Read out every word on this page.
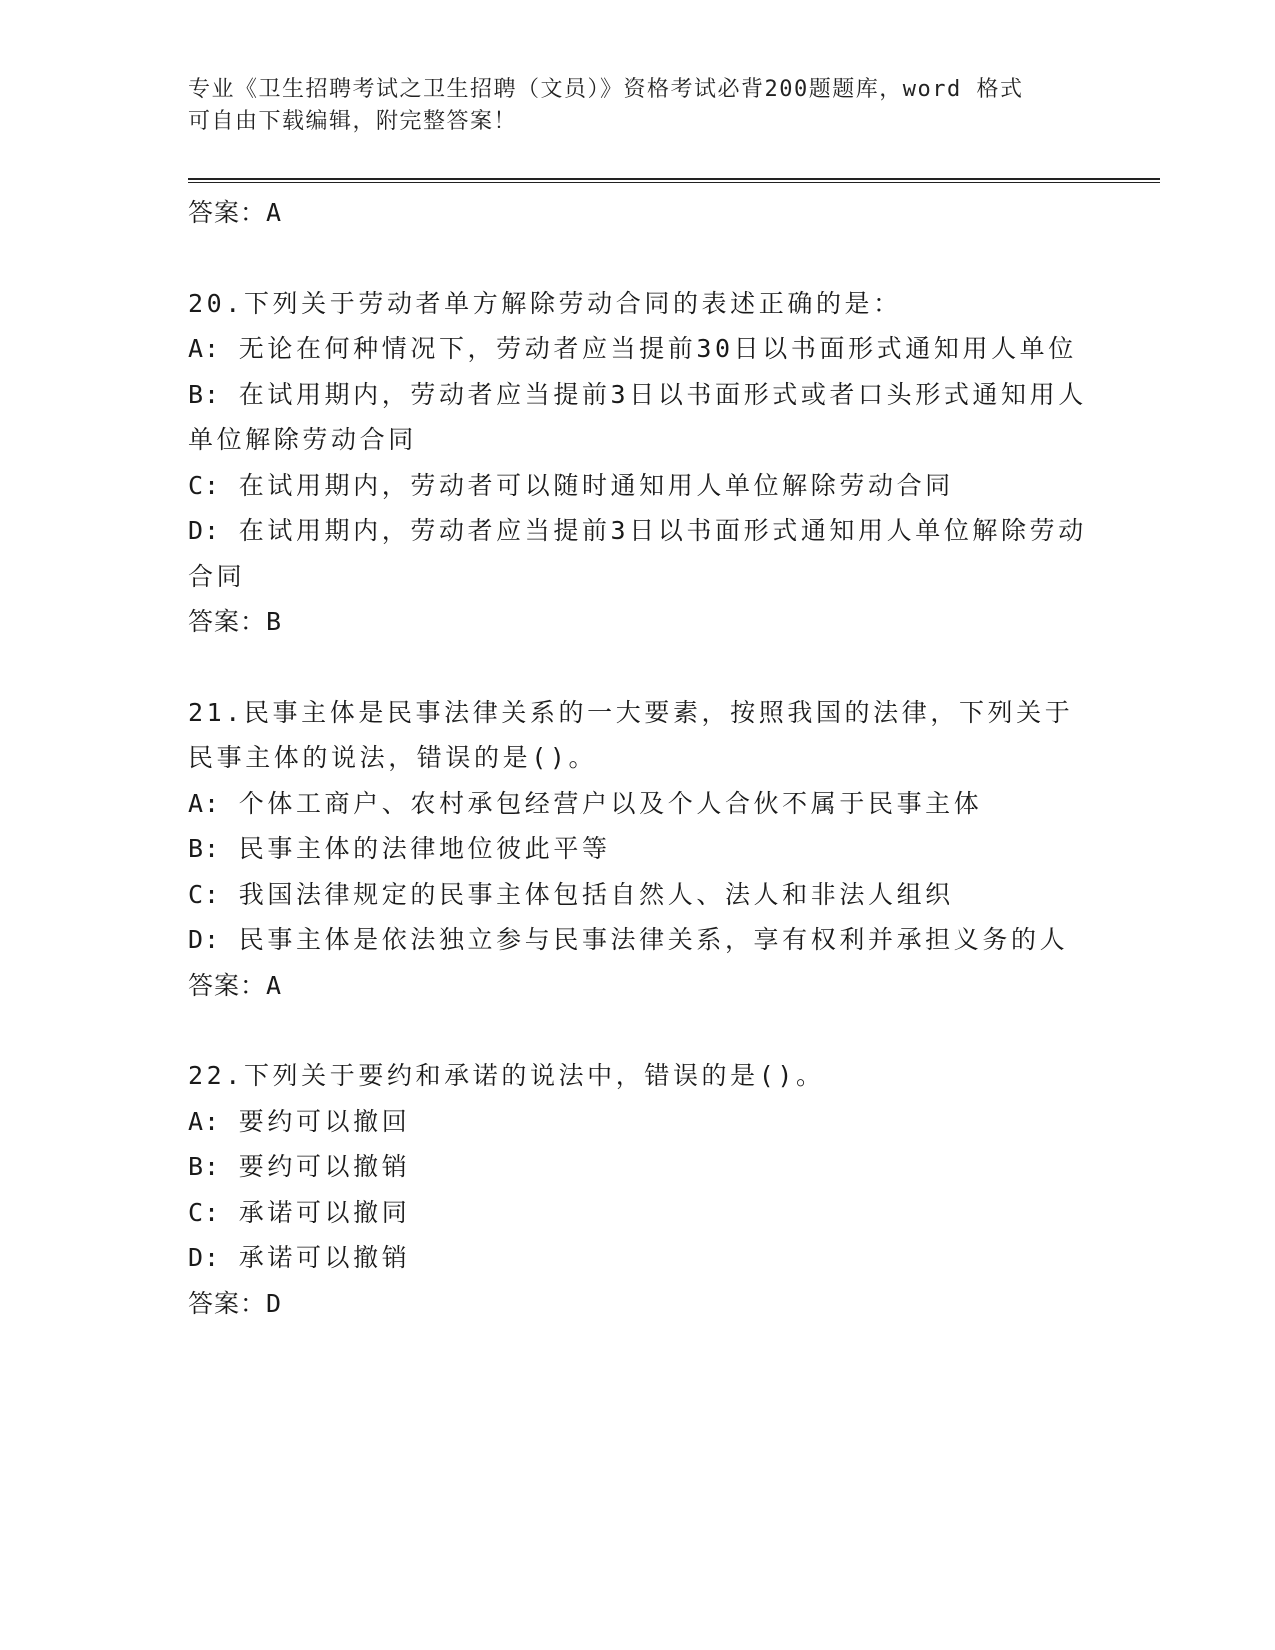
专业《卫生招聘考试之卫生招聘（文员）》资格考试必背200题题库，word 格式
可自由下载编辑，附完整答案！

答案：A

20.下列关于劳动者单方解除劳动合同的表述正确的是：

A: 无论在何种情况下，劳动者应当提前30日以书面形式通知用人单位

B: 在试用期内，劳动者应当提前3日以书面形式或者口头形式通知用人单位解除劳动合同

C: 在试用期内，劳动者可以随时通知用人单位解除劳动合同

D: 在试用期内，劳动者应当提前3日以书面形式通知用人单位解除劳动合同

答案：B

21.民事主体是民事法律关系的一大要素，按照我国的法律，下列关于民事主体的说法，错误的是()。

A: 个体工商户、农村承包经营户以及个人合伙不属于民事主体

B: 民事主体的法律地位彼此平等

C: 我国法律规定的民事主体包括自然人、法人和非法人组织

D: 民事主体是依法独立参与民事法律关系，享有权利并承担义务的人

答案：A

22.下列关于要约和承诺的说法中，错误的是()。

A: 要约可以撤回

B: 要约可以撤销

C: 承诺可以撤同

D: 承诺可以撤销

答案：D
